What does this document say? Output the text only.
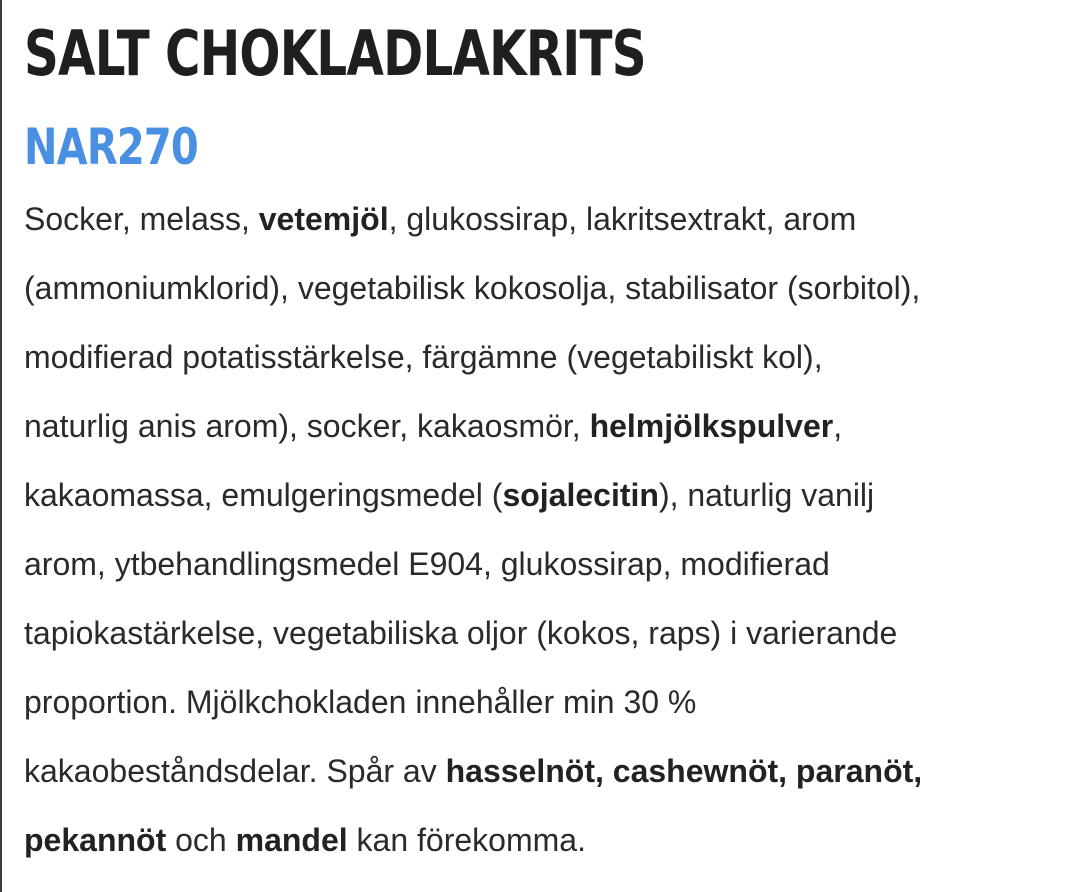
SALT CHOKLADLAKRITS
NAR270
Socker, melass, vetemjöl, glukossirap, lakritsextrakt, arom
(ammoniumklorid), vegetabilisk kokosolja, stabilisator (sorbitol),
modifierad potatisstärkelse, färgämne (vegetabiliskt kol),
naturlig anis arom), socker, kakaosmör, helmjölkspulver,
kakaomassa, emulgeringsmedel (sojalecitin), naturlig vanilj
arom, ytbehandlingsmedel E904, glukossirap, modifierad
tapiokastärkelse, vegetabiliska oljor (kokos, raps) i varierande
proportion. Mjölkchokladen innehåller min 30 %
kakaobeståndsdelar. Spår av hasselnöt, cashewnöt, paranöt,
pekannöt och mandel kan förekomma.
